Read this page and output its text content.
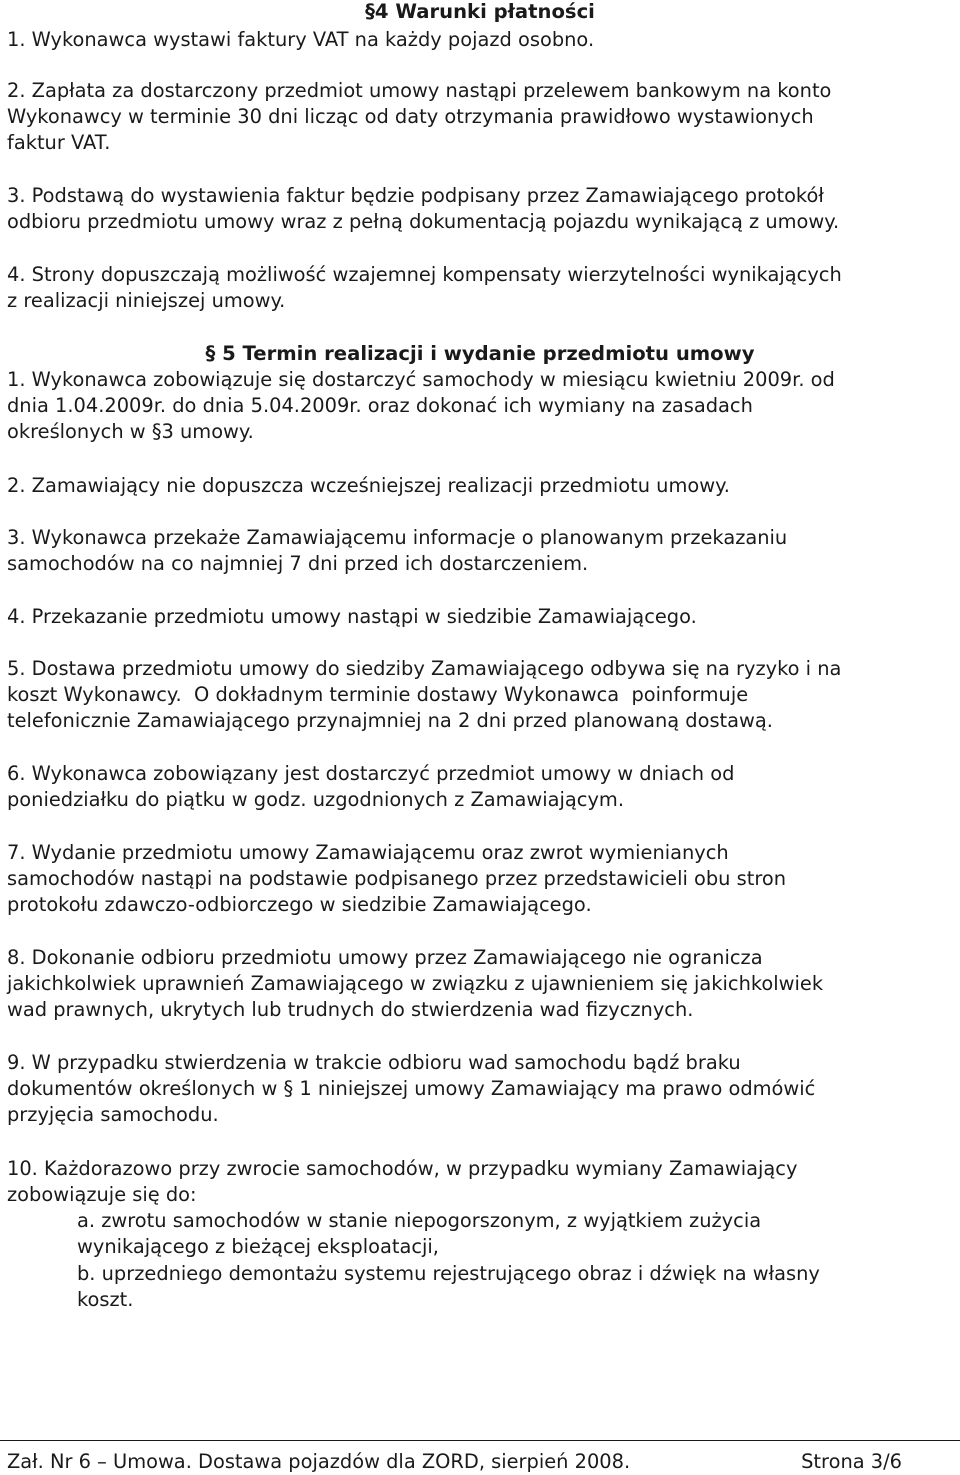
§4 Warunki płatności

1. Wykonawca wystawi faktury VAT na każdy pojazd osobno.

2. Zapłata za dostarczony przedmiot umowy nastąpi przelewem bankowym na konto
Wykonawcy w terminie 30 dni licząc od daty otrzymania prawidłowo wystawionych
faktur VAT.

3. Podstawą do wystawienia faktur będzie podpisany przez Zamawiającego protokół
odbioru przedmiotu umowy wraz z pełną dokumentacją pojazdu wynikającą z umowy.

4. Strony dopuszczają możliwość wzajemnej kompensaty wierzytelności wynikających
z realizacji niniejszej umowy.

§ 5 Termin realizacji i wydanie przedmiotu umowy

1. Wykonawca zobowiązuje się dostarczyć samochody w miesiącu kwietniu 2009r. od
dnia 1.04.2009r. do dnia 5.04.2009r. oraz dokonać ich wymiany na zasadach
określonych w §3 umowy.

2. Zamawiający nie dopuszcza wcześniejszej realizacji przedmiotu umowy.

3. Wykonawca przekaże Zamawiającemu informacje o planowanym przekazaniu
samochodów na co najmniej 7 dni przed ich dostarczeniem.

4. Przekazanie przedmiotu umowy nastąpi w siedzibie Zamawiającego.

5. Dostawa przedmiotu umowy do siedziby Zamawiającego odbywa się na ryzyko i na
koszt Wykonawcy.  O dokładnym terminie dostawy Wykonawca  poinformuje
telefonicznie Zamawiającego przynajmniej na 2 dni przed planowaną dostawą.

6. Wykonawca zobowiązany jest dostarczyć przedmiot umowy w dniach od
poniedziałku do piątku w godz. uzgodnionych z Zamawiającym.

7. Wydanie przedmiotu umowy Zamawiającemu oraz zwrot wymienianych
samochodów nastąpi na podstawie podpisanego przez przedstawicieli obu stron
protokołu zdawczo-odbiorczego w siedzibie Zamawiającego.

8. Dokonanie odbioru przedmiotu umowy przez Zamawiającego nie ogranicza
jakichkolwiek uprawnień Zamawiającego w związku z ujawnieniem się jakichkolwiek
wad prawnych, ukrytych lub trudnych do stwierdzenia wad fizycznych.

9. W przypadku stwierdzenia w trakcie odbioru wad samochodu bądź braku
dokumentów określonych w § 1 niniejszej umowy Zamawiający ma prawo odmówić
przyjęcia samochodu.

10. Każdorazowo przy zwrocie samochodów, w przypadku wymiany Zamawiający
zobowiązuje się do:

a. zwrotu samochodów w stanie niepogorszonym, z wyjątkiem zużycia
wynikającego z bieżącej eksploatacji,

b. uprzedniego demontażu systemu rejestrującego obraz i dźwięk na własny
koszt.

Zał. Nr 6 – Umowa. Dostawa pojazdów dla ZORD, sierpień 2008.	Strona 3/6
